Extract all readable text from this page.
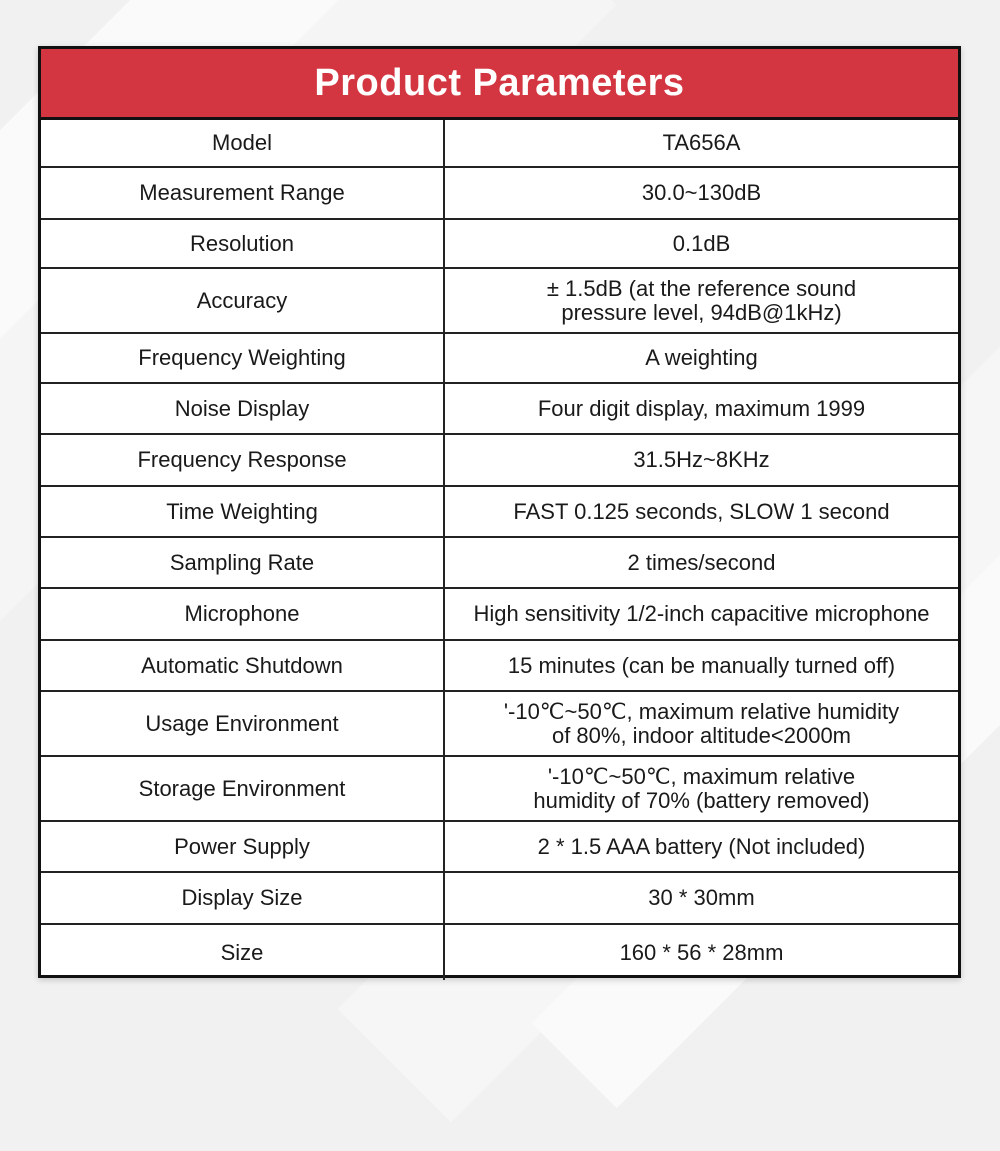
Product Parameters
Model	TA656A
Measurement Range	30.0~130dB
Resolution	0.1dB
Accuracy	± 1.5dB (at the reference sound
pressure level, 94dB@1kHz)
Frequency Weighting	A weighting
Noise Display	Four digit display, maximum 1999
Frequency Response	31.5Hz~8KHz
Time Weighting	FAST 0.125 seconds, SLOW 1 second
Sampling Rate	2 times/second
Microphone	High sensitivity 1/2-inch capacitive microphone
Automatic Shutdown	15 minutes (can be manually turned off)
Usage Environment	'-10℃~50℃, maximum relative humidity
of 80%, indoor altitude<2000m
Storage Environment	'-10℃~50℃, maximum relative
humidity of 70% (battery removed)
Power Supply	2 * 1.5 AAA battery (Not included)
Display Size	30 * 30mm
Size	160 * 56 * 28mm
